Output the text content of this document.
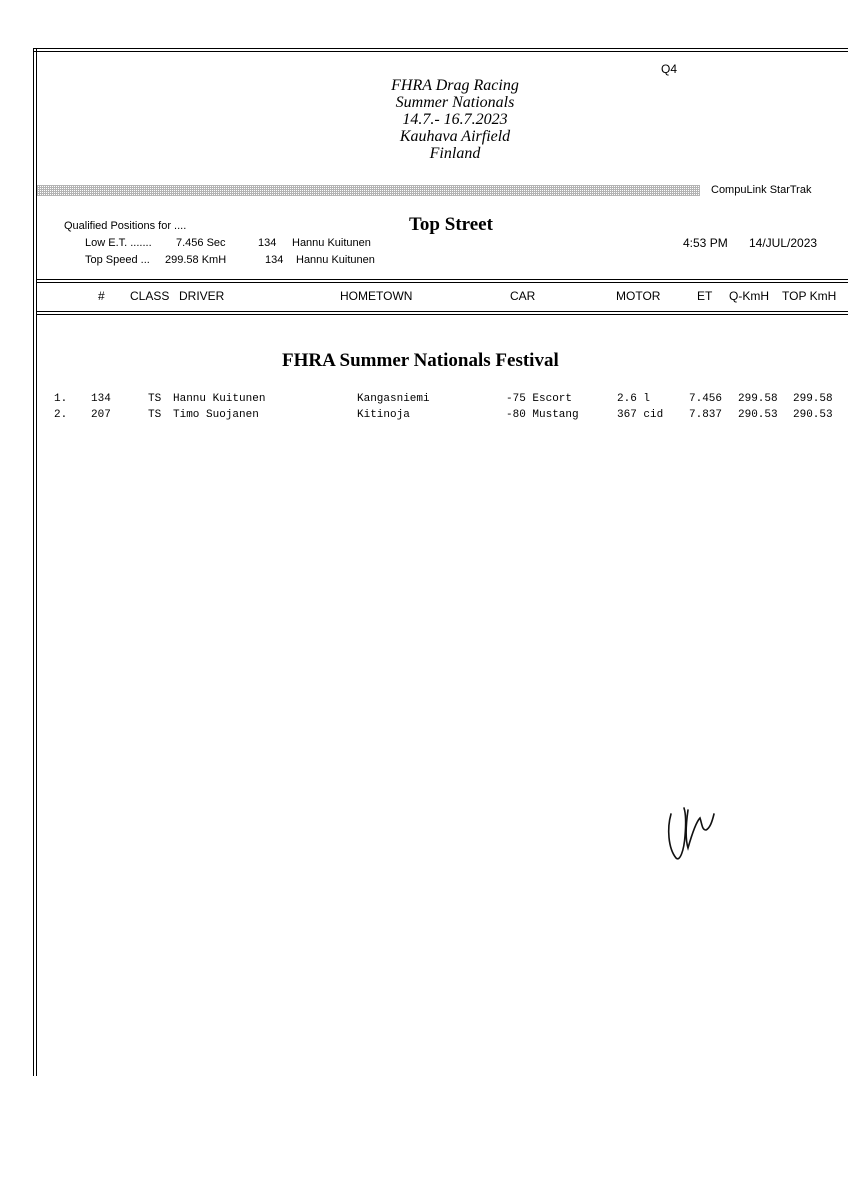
FHRA Drag Racing
Summer Nationals
14.7.- 16.7.2023
Kauhava Airfield
Finland
Q4
CompuLink StarTrak
Qualified Positions for ....
Low E.T. ....... 7.456 Sec	134 Hannu Kuitunen
Top Speed ... 299.58 KmH	134 Hannu Kuitunen
Top Street
4:53 PM 14/JUL/2023
# CLASS DRIVER	HOMETOWN	CAR	MOTOR	ET Q-KmH TOP KmH
FHRA Summer Nationals Festival
1. 134	TS Hannu Kuitunen	Kangasniemi	-75 Escort	2.6 l	7.456 299.58 299.58
2. 207	TS Timo Suojanen	Kitinoja	-80 Mustang	367 cid 7.837 290.53 290.53
